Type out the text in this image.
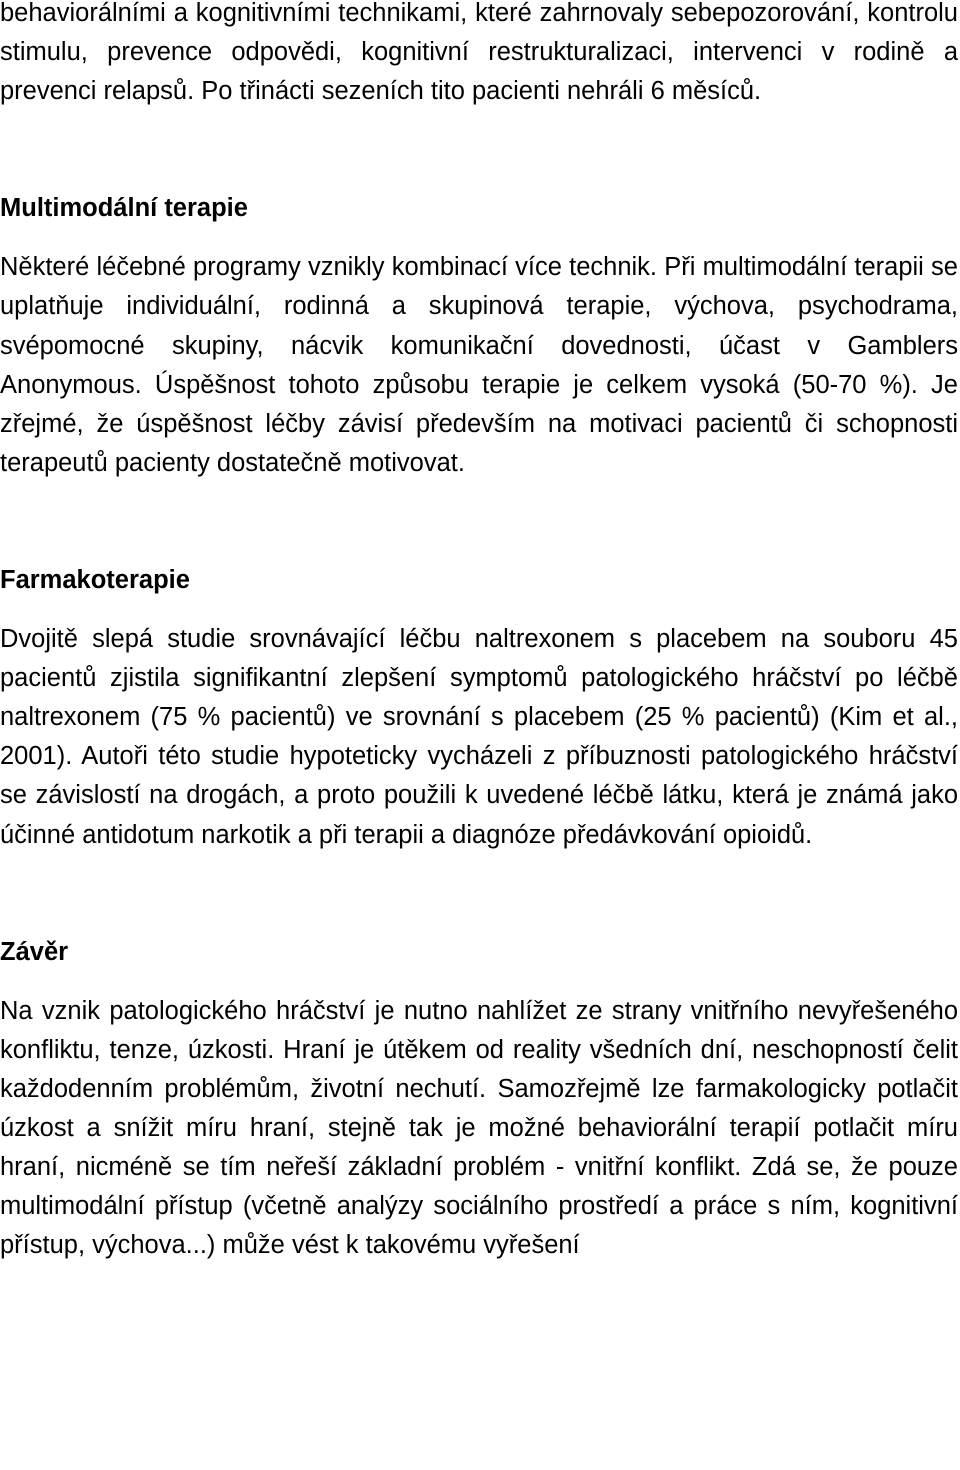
behaviorálními a kognitivními technikami, které zahrnovaly sebepozorování, kontrolu stimulu, prevence odpovědi, kognitivní restrukturalizaci, intervenci v rodině a prevenci relapsů. Po třinácti sezeních tito pacienti nehráli 6 měsíců.

Multimodální terapie

Některé léčebné programy vznikly kombinací více technik. Při multimodální terapii se uplatňuje individuální, rodinná a skupinová terapie, výchova, psychodrama, svépomocné skupiny, nácvik komunikační dovednosti, účast v Gamblers Anonymous. Úspěšnost tohoto způsobu terapie je celkem vysoká (50-70 %). Je zřejmé, že úspěšnost léčby závisí především na motivaci pacientů či schopnosti terapeutů pacienty dostatečně motivovat.

Farmakoterapie

Dvojitě slepá studie srovnávající léčbu naltrexonem s placebem na souboru 45 pacientů zjistila signifikantní zlepšení symptomů patologického hráčství po léčbě naltrexonem (75 % pacientů) ve srovnání s placebem (25 % pacientů) (Kim et al., 2001). Autoři této studie hypoteticky vycházeli z příbuznosti patologického hráčství se závislostí na drogách, a proto použili k uvedené léčbě látku, která je známá jako účinné antidotum narkotik a při terapii a diagnóze předávkování opioidů.

Závěr

Na vznik patologického hráčství je nutno nahlížet ze strany vnitřního nevyřešeného konfliktu, tenze, úzkosti. Hraní je útěkem od reality všedních dní, neschopností čelit každodenním problémům, životní nechutí. Samozřejmě lze farmakologicky potlačit úzkost a snížit míru hraní, stejně tak je možné behaviorální terapií potlačit míru hraní, nicméně se tím neřeší základní problém - vnitřní konflikt. Zdá se, že pouze multimodální přístup (včetně analýzy sociálního prostředí a práce s ním, kognitivní přístup, výchova...) může vést k takovému vyřešení
